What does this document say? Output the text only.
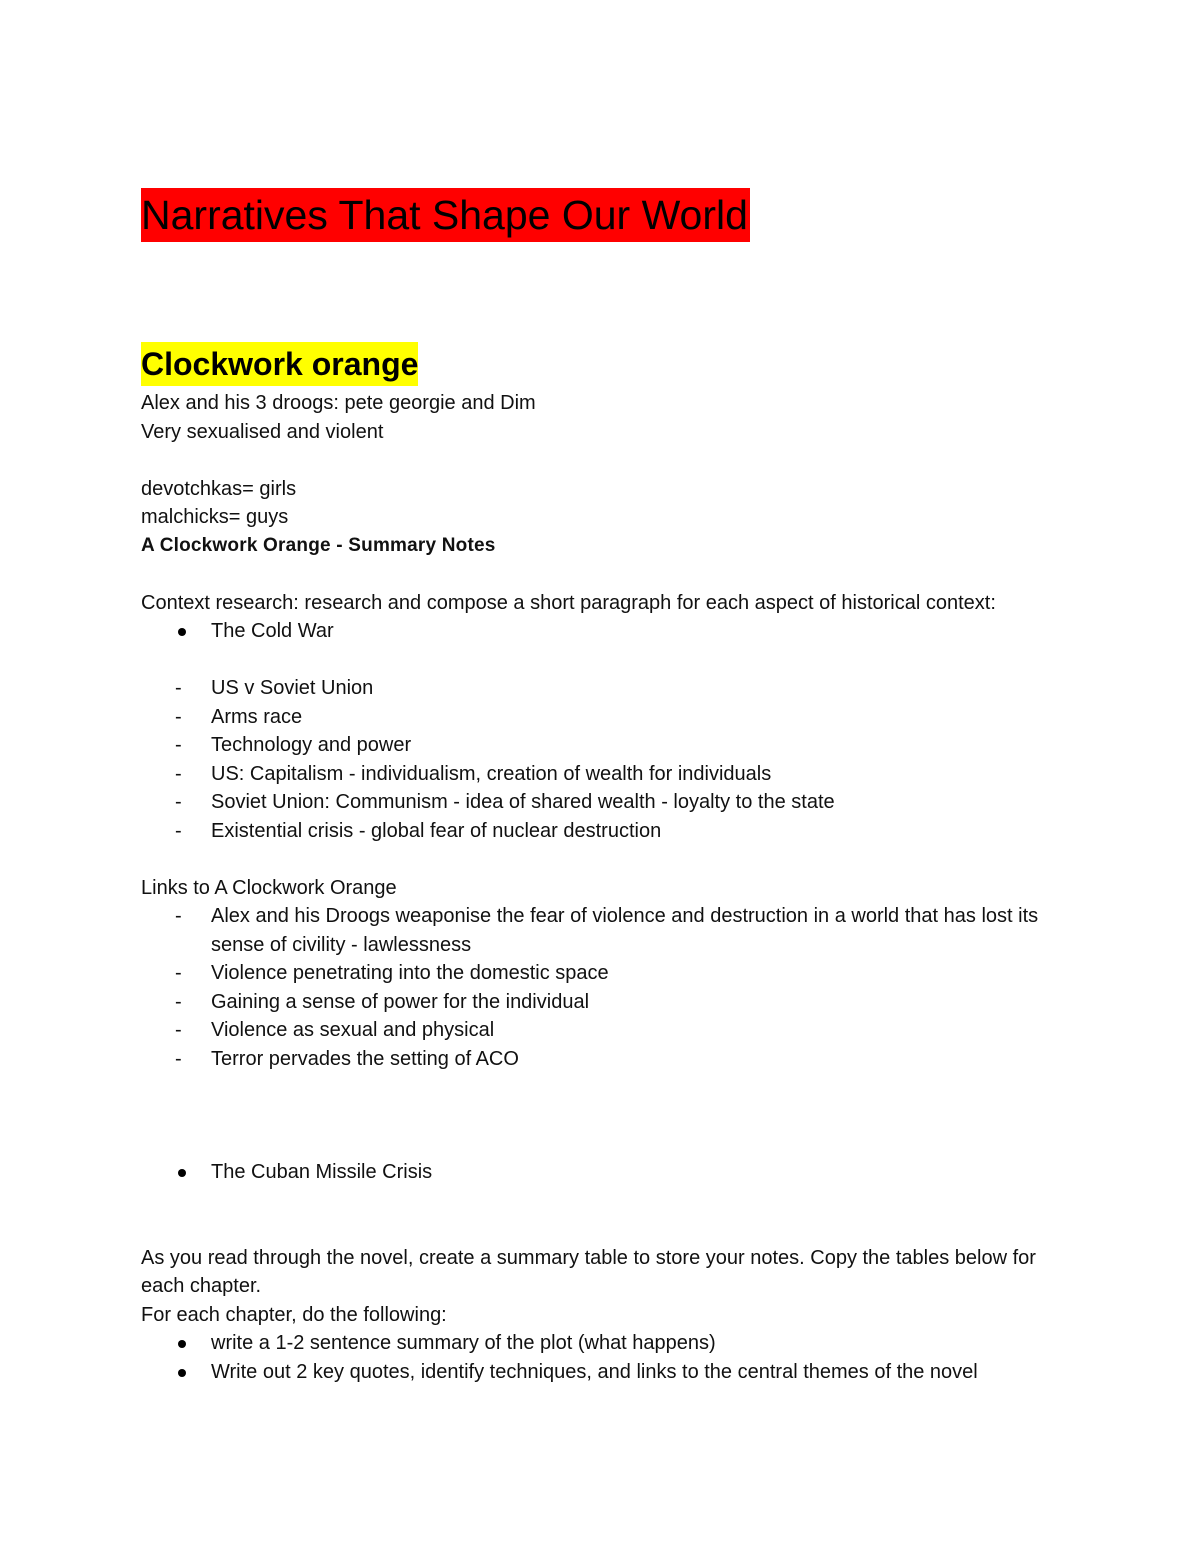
Narratives That Shape Our World
Clockwork orange
Alex and his 3 droogs: pete georgie and Dim
Very sexualised and violent
devotchkas= girls
malchicks= guys
A Clockwork Orange - Summary Notes
Context research: research and compose a short paragraph for each aspect of historical context:
The Cold War
- US v Soviet Union
- Arms race
- Technology and power
- US: Capitalism - individualism, creation of wealth for individuals
- Soviet Union: Communism - idea of shared wealth - loyalty to the state
- Existential crisis - global fear of nuclear destruction
Links to A Clockwork Orange
- Alex and his Droogs weaponise the fear of violence and destruction in a world that has lost its sense of civility - lawlessness
- Violence penetrating into the domestic space
- Gaining a sense of power for the individual
- Violence as sexual and physical
- Terror pervades the setting of ACO
The Cuban Missile Crisis
As you read through the novel, create a summary table to store your notes. Copy the tables below for each chapter.
For each chapter, do the following:
write a 1-2 sentence summary of the plot (what happens)
Write out 2 key quotes, identify techniques, and links to the central themes of the novel
